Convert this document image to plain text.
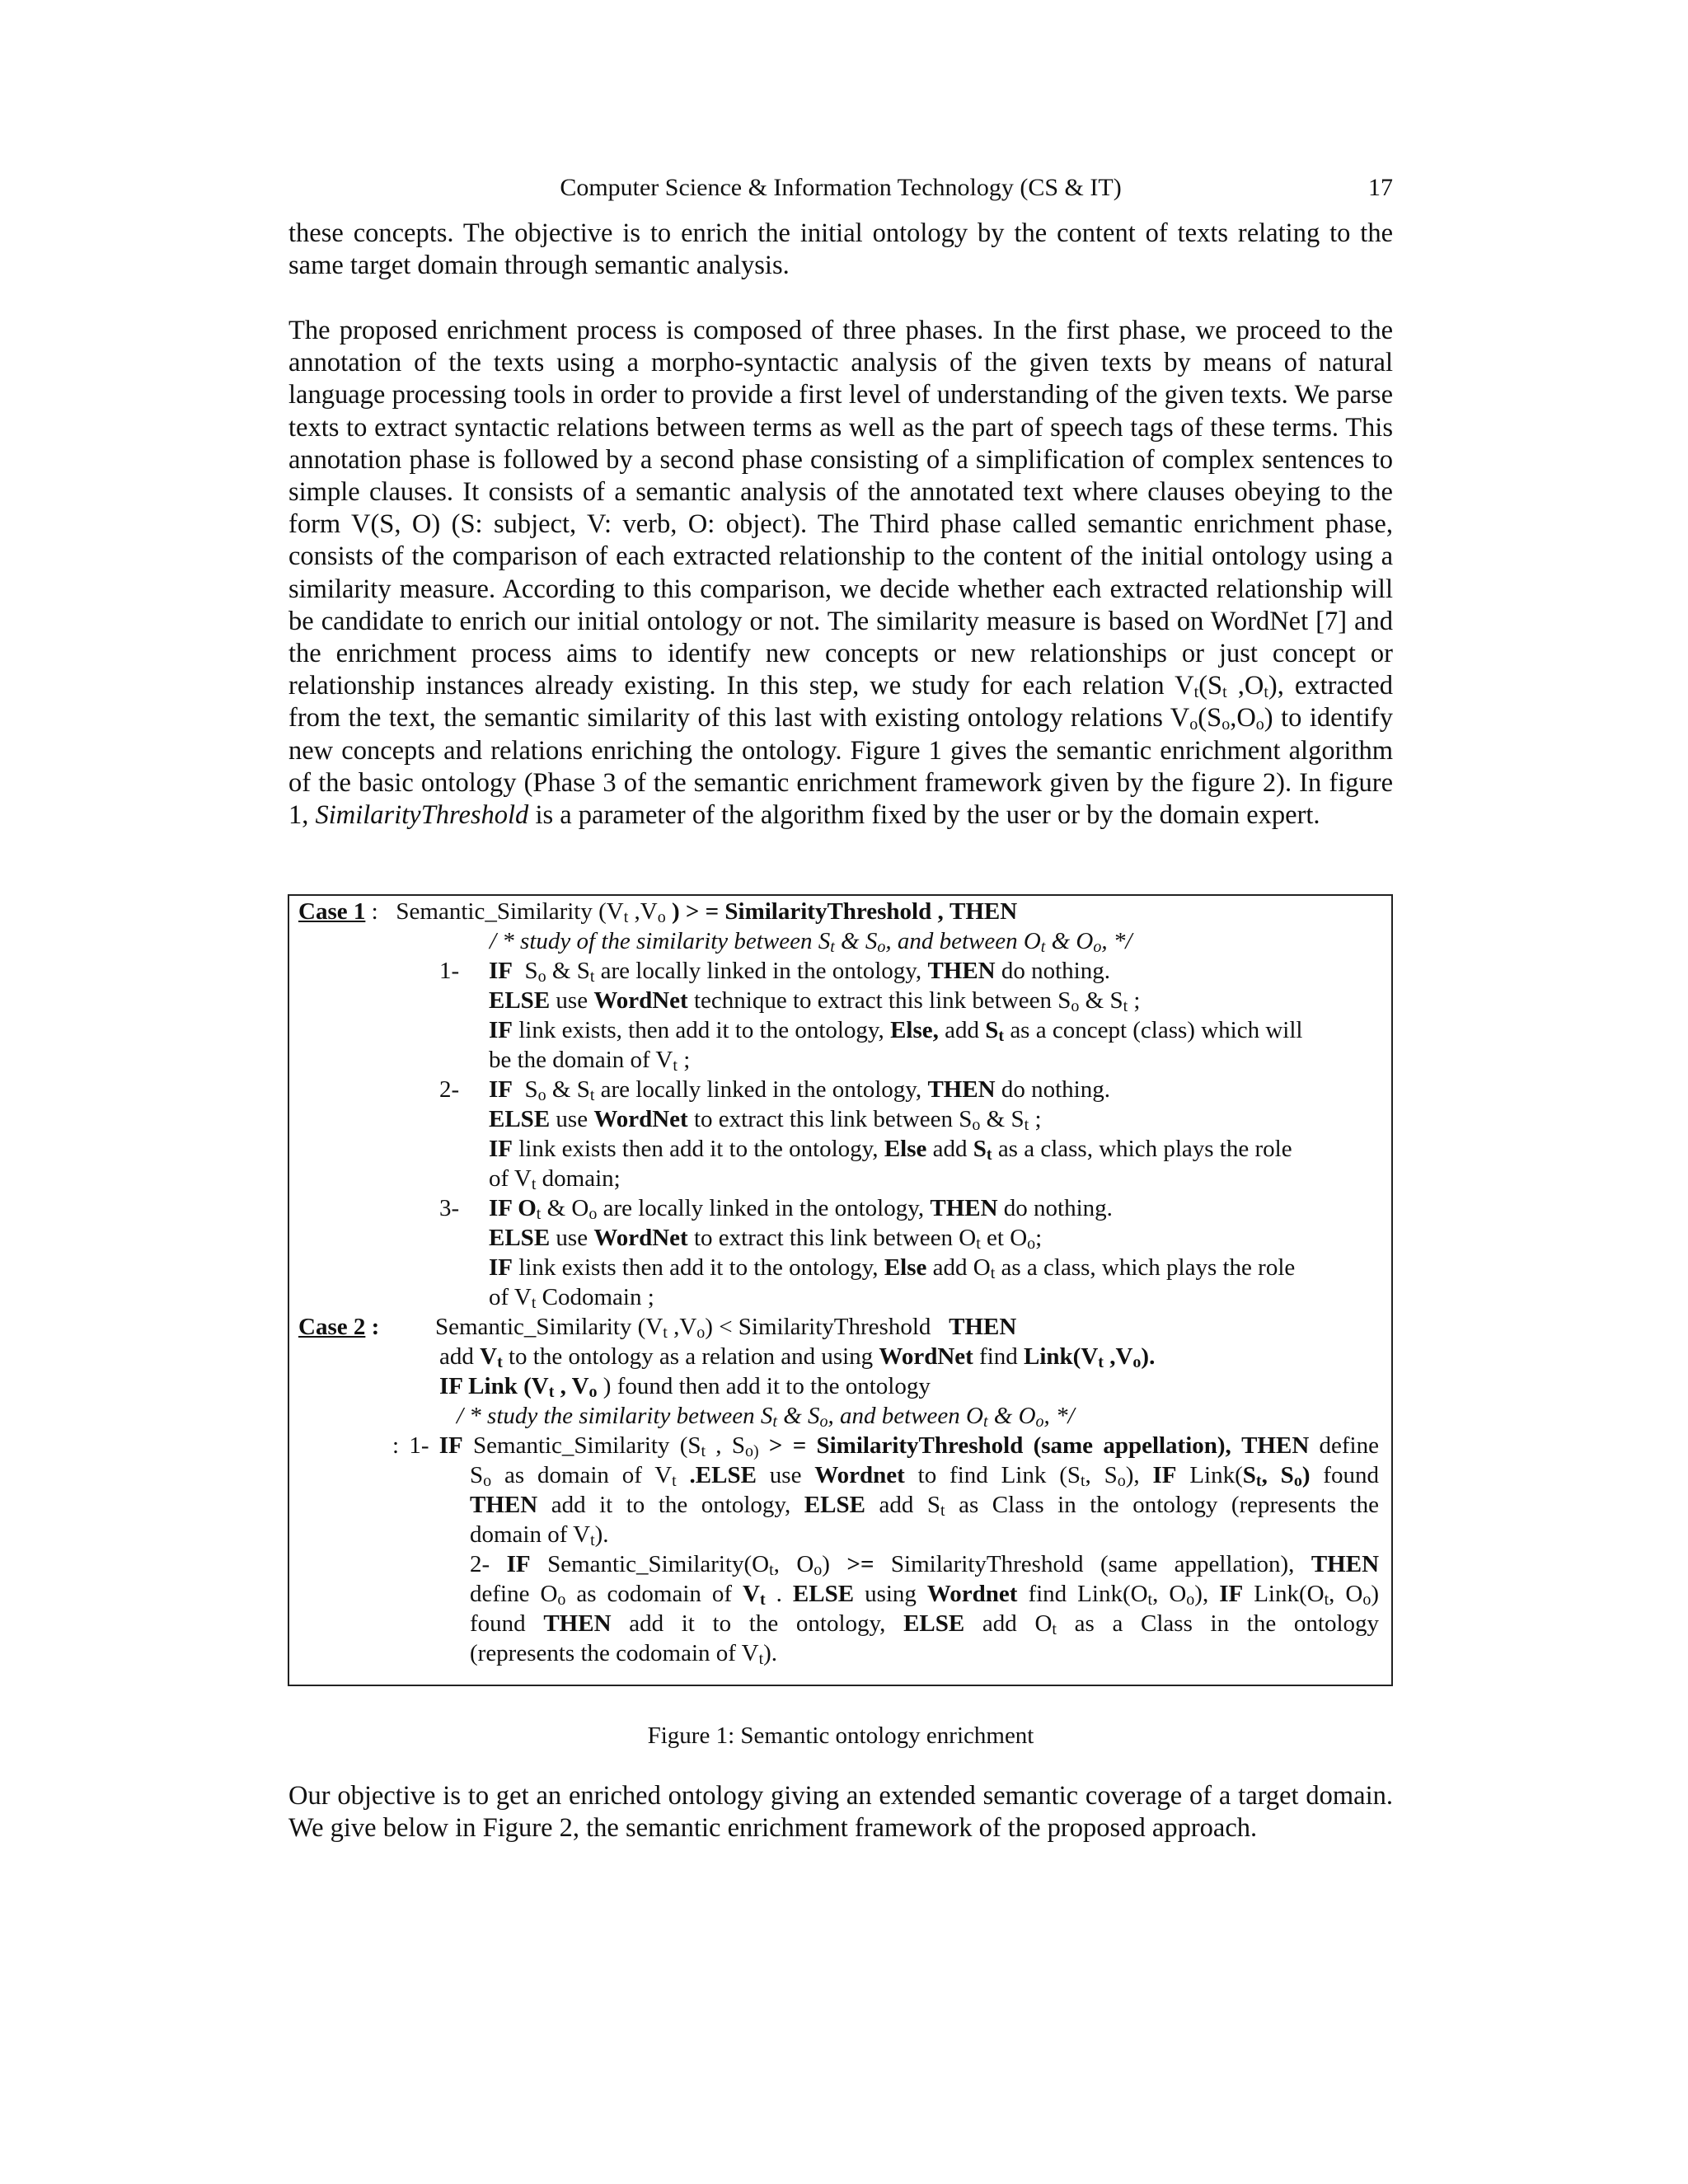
Computer Science & Information Technology (CS & IT)	17

these concepts. The objective is to enrich the initial ontology by the content of texts relating to the same target domain through semantic analysis.

The proposed enrichment process is composed of three phases. In the first phase, we proceed to the annotation of the texts using a morpho-syntactic analysis of the given texts by means of natural language processing tools in order to provide a first level of understanding of the given texts. We parse texts to extract syntactic relations between terms as well as the part of speech tags of these terms. This annotation phase is followed by a second phase consisting of a simplification of complex sentences to simple clauses. It consists of a semantic analysis of the annotated text where clauses obeying to the form V(S, O) (S: subject, V: verb, O: object). The Third phase called semantic enrichment phase, consists of the comparison of each extracted relationship to the content of the initial ontology using a similarity measure. According to this comparison, we decide whether each extracted relationship will be candidate to enrich our initial ontology or not. The similarity measure is based on WordNet [7] and the enrichment process aims to identify new concepts or new relationships or just concept or relationship instances already existing. In this step, we study for each relation $V_t(S_t$ $,O_t$), extracted from the text, the semantic similarity of this last with existing ontology relations $V_o(S_o,O_o)$ to identify new concepts and relations enriching the ontology. Figure 1 gives the semantic enrichment algorithm of the basic ontology (Phase 3 of the semantic enrichment framework given by the figure 2). In figure 1, SimilarityThreshold is a parameter of the algorithm fixed by the user or by the domain expert.

Case 1 : Semantic_Similarity ($V_t$ $,V_o$ ) > = SimilarityThreshold , THEN
/ * study of the similarity between $S_t$ & $S_o$, and between $O_t$ & $O_o$, */
1- IF $S_o$ & $S_t$ are locally linked in the ontology, THEN do nothing.
ELSE use WordNet technique to extract this link between $S_o$ & $S_t$ ;
IF link exists, then add it to the ontology, Else, add $S_t$ as a concept (class) which will
be the domain of $V_t$ ;
2- IF $S_o$ & $S_t$ are locally linked in the ontology, THEN do nothing.
ELSE use WordNet to extract this link between $S_o$ & $S_t$ ;
IF link exists then add it to the ontology, Else add $S_t$ as a class, which plays the role
of $V_t$ domain;
3- IF $O_t$ & $O_o$ are locally linked in the ontology, THEN do nothing.
ELSE use WordNet to extract this link between $O_t$ et $O_o$;
IF link exists then add it to the ontology, Else add $O_t$ as a class, which plays the role
of $V_t$ Codomain ;
Case 2 : Semantic_Similarity ($V_t$ $,V_o$) < SimilarityThreshold THEN
add $V_t$ to the ontology as a relation and using WordNet find $Link(V_t$ $,V_o$).
IF Link ($V_t$ , $V_o$ ) found then add it to the ontology
/ * study the similarity between $S_t$ & $S_o$, and between $O_t$ & $O_o$, */
: 1- IF Semantic_Similarity ($S_t$ , $S_{o)}$ > = SimilarityThreshold (same appellation), THEN define
$S_o$ as domain of $V_t$ .ELSE use Wordnet to find Link ($S_t$, $S_o$), IF $Link(S_t$, $S_o$) found
THEN add it to the ontology, ELSE add $S_t$ as Class in the ontology (represents the
domain of $V_t$).
2- IF $Semantic\_Similarity(O_t$, $O_o$) >= SimilarityThreshold (same appellation), THEN
define $O_o$ as codomain of $V_t$ . ELSE using Wordnet find $Link(O_t$, $O_o$), IF $Link(O_t$, $O_o$)
found THEN add it to the ontology, ELSE add $O_t$ as a Class in the ontology
(represents the codomain of $V_t$).
Figure 1: Semantic ontology enrichment

Our objective is to get an enriched ontology giving an extended semantic coverage of a target domain. We give below in Figure 2, the semantic enrichment framework of the proposed approach.
